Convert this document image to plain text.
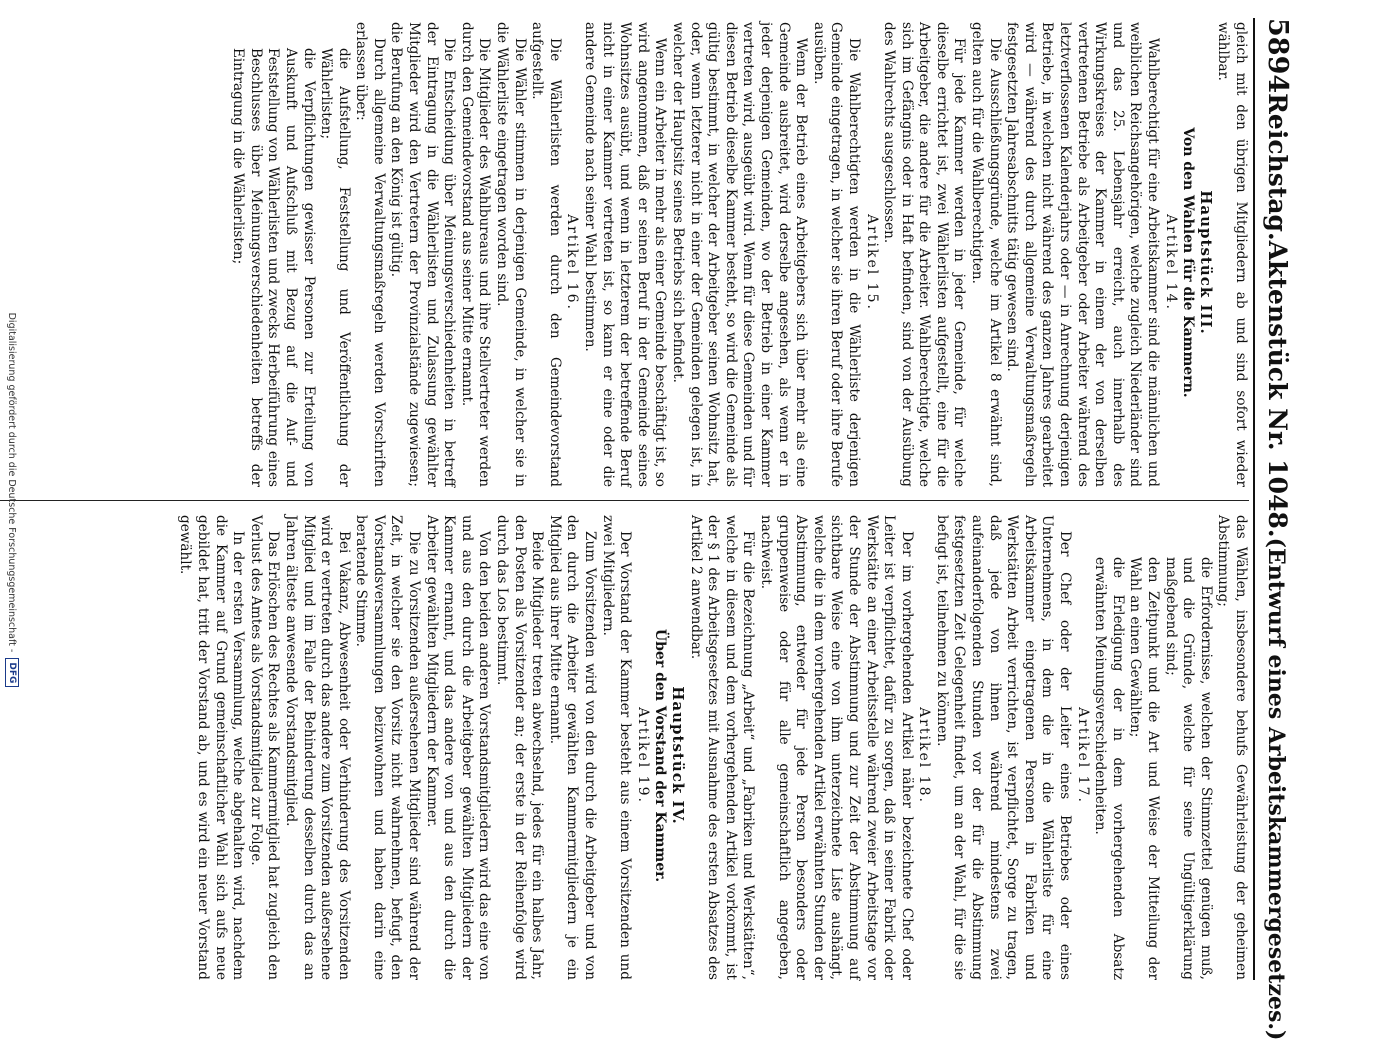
5894
Reichstag.
Aktenstück Nr. 1048.
(Entwurf eines Arbeitskammergesetzes.)

gleich mit den übrigen Mitgliedern ab und sind sofort wieder wählbar.

Hauptstück III.

Von den Wahlen für die Kammern.

Artikel 14.

Wahlberechtigt für eine Arbeitskammer sind die männlichen und weiblichen Reichsangehörigen, welche zugleich Niederländer sind und das 25. Lebensjahr erreicht, auch innerhalb des Wirkungskreises der Kammer in einem der von derselben vertretenen Betriebe als Arbeitgeber oder Arbeiter während des letztverflossenen Kalenderjahrs oder — in Anrechnung derjenigen Betriebe, in welchen nicht während des ganzen Jahres gearbeitet wird — während des durch allgemeine Verwaltungsmaßregeln festgesetzten Jahresabschnitts tätig gewesen sind.

Die Ausschließungsgründe, welche im Artikel 8 erwähnt sind, gelten auch für die Wahlberechtigten.

Für jede Kammer werden in jeder Gemeinde, für welche dieselbe errichtet ist, zwei Wählerlisten aufgestellt, eine für die Arbeitgeber, die andere für die Arbeiter. Wahlberechtigte, welche sich im Gefängnis oder in Haft befinden, sind von der Ausübung des Wahlrechts ausgeschlossen.

Artikel 15.

Die Wahlberechtigten werden in die Wählerliste derjenigen Gemeinde eingetragen, in welcher sie ihren Beruf oder ihre Berufe ausüben.

Wenn der Betrieb eines Arbeitgebers sich über mehr als eine Gemeinde ausbreitet, wird derselbe angesehen, als wenn er in jeder derjenigen Gemeinden, wo der Betrieb in einer Kammer vertreten wird, ausgeübt wird. Wenn für diese Gemeinden und für diesen Betrieb dieselbe Kammer besteht, so wird die Gemeinde als gültig bestimmt, in welcher der Arbeitgeber seinen Wohnsitz hat, oder, wenn letzterer nicht in einer der Gemeinden gelegen ist, in welcher der Hauptsitz seines Betriebs sich befindet.

Wenn ein Arbeiter in mehr als einer Gemeinde beschäftigt ist, so wird angenommen, daß er seinen Beruf in der Gemeinde seines Wohnsitzes ausübt, und wenn in letzterem der betreffende Beruf nicht in einer Kammer vertreten ist, so kann er eine oder die andere Gemeinde nach seiner Wahl bestimmen.

Artikel 16.

Die Wählerlisten werden durch den Gemeindevorstand aufgestellt.

Die Wähler stimmen in derjenigen Gemeinde, in welcher sie in die Wählerliste eingetragen worden sind.

Die Mitglieder des Wahlbureaus und ihre Stellvertreter werden durch den Gemeindevorstand aus seiner Mitte ernannt.

Die Entscheidung über Meinungsverschiedenheiten in betreff der Eintragung in die Wählerlisten und Zulassung gewählter Mitglieder wird den Vertretern der Provinzialstände zugewiesen; die Berufung an den König ist gültig.

Durch allgemeine Verwaltungsmaßregeln werden Vorschriften erlassen über:

die Aufstellung, Feststellung und Veröffentlichung der Wählerlisten;

die Verpflichtungen gewisser Personen zur Erteilung von Auskunft und Aufschluß mit Bezug auf die Auf- und Feststellung von Wählerlisten und zwecks Herbeiführung eines Beschlusses über Meinungsverschiedenheiten betreffs der Eintragung in die Wählerlisten;

das Wählen, insbesondere behufs Gewährleistung der geheimen Abstimmung;

die Erfordernisse, welchen der Stimmzettel genügen muß, und die Gründe, welche für seine Ungültigerklärung maßgebend sind;

den Zeitpunkt und die Art und Weise der Mitteilung der Wahl an einen Gewählten;

die Erledigung der in dem vorhergehenden Absatz erwähnten Meinungsverschiedenheiten.

Artikel 17.

Der Chef oder der Leiter eines Betriebes oder eines Unternehmens, in dem die in die Wählerliste für eine Arbeitskammer eingetragenen Personen in Fabriken und Werkstätten Arbeit verrichten, ist verpflichtet, Sorge zu tragen, daß jede von ihnen während mindestens zwei aufeinanderfolgenden Stunden vor der für die Abstimmung festgesetzten Zeit Gelegenheit findet, um an der Wahl, für die sie befugt ist, teilnehmen zu können.

Artikel 18.

Der im vorhergehenden Artikel näher bezeichnete Chef oder Leiter ist verpflichtet, dafür zu sorgen, daß in seiner Fabrik oder Werkstätte an einer Arbeitsstelle während zweier Arbeitstage vor der Stunde der Abstimmung und zur Zeit der Abstimmung auf sichtbare Weise eine von ihm unterzeichnete Liste aushängt, welche die in dem vorhergehenden Artikel erwähnten Stunden der Abstimmung, entweder für jede Person besonders oder gruppenweise oder für alle gemeinschaftlich angegeben, nachweist.

Für die Bezeichnung „Arbeit“ und „Fabriken und Werkstätten“, welche in diesem und dem vorhergehenden Artikel vorkommt, ist der § 1 des Arbeitsgesetzes mit Ausnahme des ersten Absatzes des Artikel 2 anwendbar.

Hauptstück IV.

Über den Vorstand der Kammer.

Artikel 19.

Der Vorstand der Kammer besteht aus einem Vorsitzenden und zwei Mitgliedern.

Zum Vorsitzenden wird von den durch die Arbeitgeber und von den durch die Arbeiter gewählten Kammermitgliedern je ein Mitglied aus ihrer Mitte ernannt.

Beide Mitglieder treten abwechselnd, jedes für ein halbes Jahr, den Posten als Vorsitzender an; der erste in der Reihenfolge wird durch das Los bestimmt.

Von den beiden anderen Vorstandsmitgliedern wird das eine von und aus den durch die Arbeitgeber gewählten Mitgliedern der Kammer ernannt, und das andere von und aus den durch die Arbeiter gewählten Mitgliedern der Kammer.

Die zu Vorsitzenden außersehenen Mitglieder sind während der Zeit, in welcher sie den Vorsitz nicht wahrnehmen, befugt, den Vorstandsversammlungen beizuwohnen und haben darin eine beratende Stimme.

Bei Vakanz, Abwesenheit oder Verhinderung des Vorsitzenden wird er vertreten durch das andere zum Vorsitzenden außersehene Mitglied und im Falle der Behinderung desselben durch das an Jahren älteste anwesende Vorstandsmitglied.

Das Erlöschen des Rechtes als Kammermitglied hat zugleich den Verlust des Amtes als Vorstandsmitglied zur Folge.

In der ersten Versammlung, welche abgehalten wird, nachdem die Kammer auf Grund gemeinschaftlicher Wahl sich aufs neue gebildet hat, tritt der Vorstand ab, und es wird ein neuer Vorstand gewählt.

Digitalisierung gefördert durch die Deutsche Forschungsgemeinschaft -
DFG
